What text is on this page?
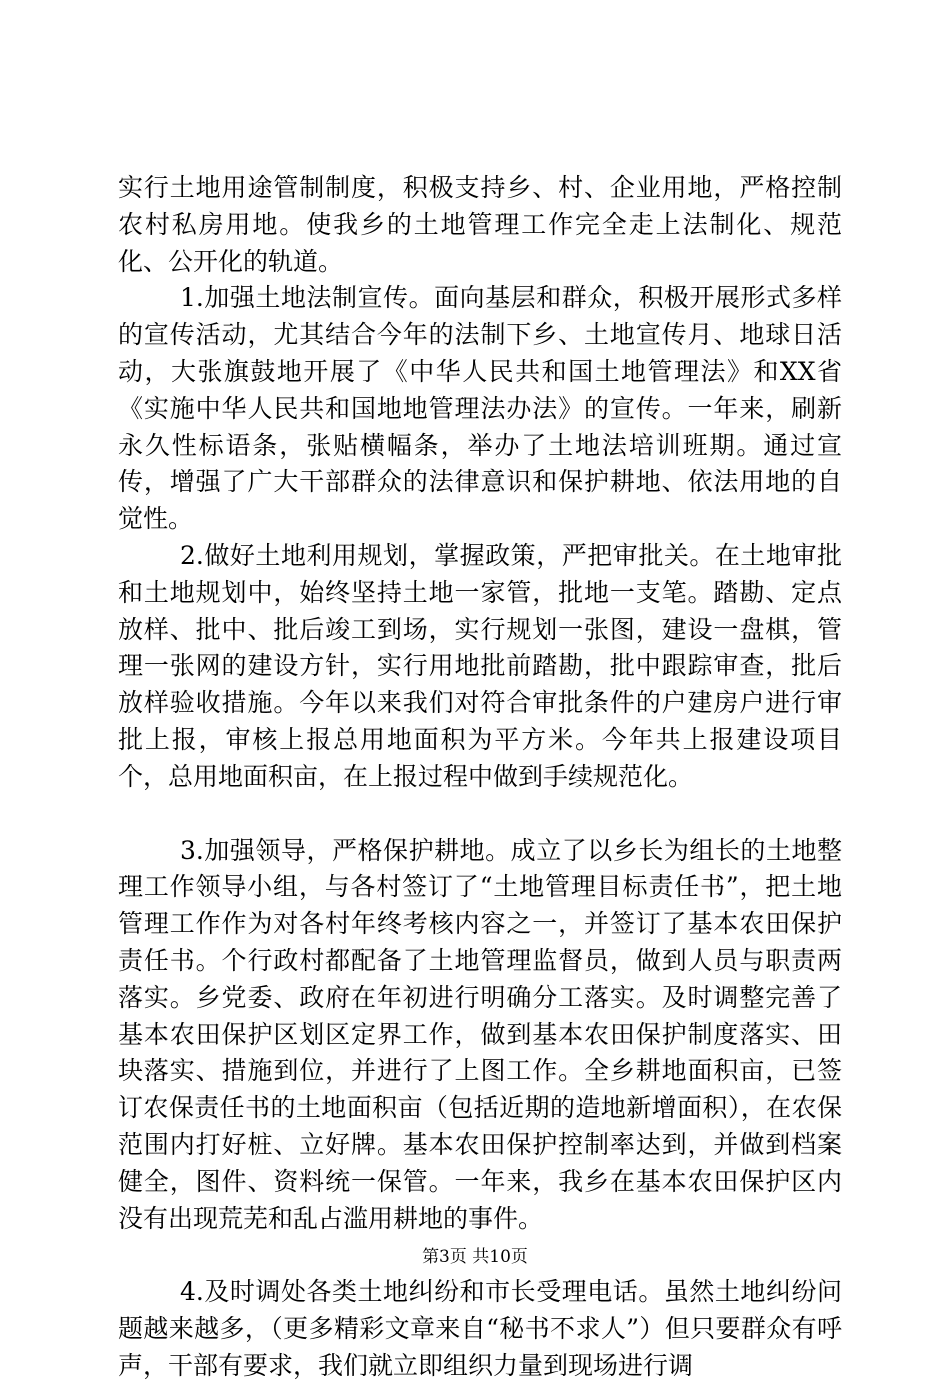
实行土地用途管制制度，积极支持乡、村、企业用地，严格控制农村私房用地。使我乡的土地管理工作完全走上法制化、规范化、公开化的轨道。

1.加强土地法制宣传。面向基层和群众，积极开展形式多样的宣传活动，尤其结合今年的法制下乡、土地宣传月、地球日活动，大张旗鼓地开展了《中华人民共和国土地管理法》和XX省《实施中华人民共和国地地管理法办法》的宣传。一年来，刷新永久性标语条，张贴横幅条，举办了土地法培训班期。通过宣传，增强了广大干部群众的法律意识和保护耕地、依法用地的自觉性。

2.做好土地利用规划，掌握政策，严把审批关。在土地审批和土地规划中，始终坚持土地一家管，批地一支笔。踏勘、定点放样、批中、批后竣工到场，实行规划一张图，建设一盘棋，管理一张网的建设方针，实行用地批前踏勘，批中跟踪审查，批后放样验收措施。今年以来我们对符合审批条件的户建房户进行审批上报，审核上报总用地面积为平方米。今年共上报建设项目个，总用地面积亩，在上报过程中做到手续规范化。

3.加强领导，严格保护耕地。成立了以乡长为组长的土地整理工作领导小组，与各村签订了“土地管理目标责任书”，把土地管理工作作为对各村年终考核内容之一，并签订了基本农田保护责任书。个行政村都配备了土地管理监督员，做到人员与职责两落实。乡党委、政府在年初进行明确分工落实。及时调整完善了基本农田保护区划区定界工作，做到基本农田保护制度落实、田块落实、措施到位，并进行了上图工作。全乡耕地面积亩，已签订农保责任书的土地面积亩（包括近期的造地新增面积），在农保范围内打好桩、立好牌。基本农田保护控制率达到，并做到档案健全，图件、资料统一保管。一年来，我乡在基本农田保护区内没有出现荒芜和乱占滥用耕地的事件。

4.及时调处各类土地纠纷和市长受理电话。虽然土地纠纷问题越来越多，（更多精彩文章来自“秘书不求人”）但只要群众有呼声，干部有要求，我们就立即组织力量到现场进行调

第3页 共10页
